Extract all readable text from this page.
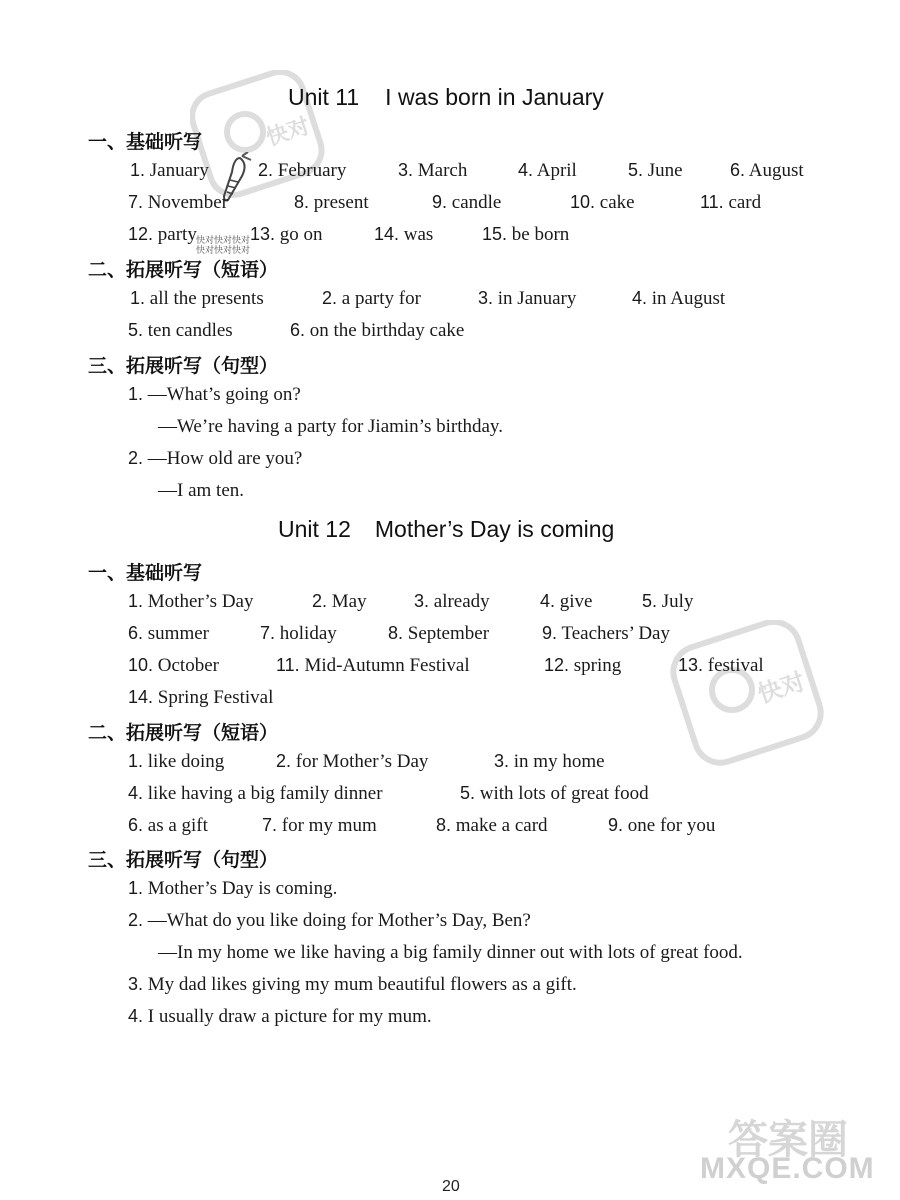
快对
快对
快对快对快对
快对快对快对
Unit 11 I was born in January
一、基础听写
1. January	2. February	3. March	4. April	5. June	6. August
7. November	8. present	9. candle	10. cake	11. card
12. party	13. go on	14. was	15. be born
二、拓展听写（短语）
1. all the presents	2. a party for	3. in January	4. in August
5. ten candles	6. on the birthday cake
三、拓展听写（句型）
1. —What’s going on?
—We’re having a party for Jiamin’s birthday.
2. —How old are you?
—I am ten.
Unit 12 Mother’s Day is coming
一、基础听写
1. Mother’s Day	2. May	3. already	4. give	5. July
6. summer	7. holiday	8. September	9. Teachers’ Day
10. October	11. Mid-Autumn Festival	12. spring	13. festival
14. Spring Festival
二、拓展听写（短语）
1. like doing	2. for Mother’s Day	3. in my home
4. like having a big family dinner	5. with lots of great food
6. as a gift	7. for my mum	8. make a card	9. one for you
三、拓展听写（句型）
1. Mother’s Day is coming.
2. —What do you like doing for Mother’s Day, Ben?
—In my home we like having a big family dinner out with lots of great food.
3. My dad likes giving my mum beautiful flowers as a gift.
4. I usually draw a picture for my mum.
答案圈
MXQE.COM
20
